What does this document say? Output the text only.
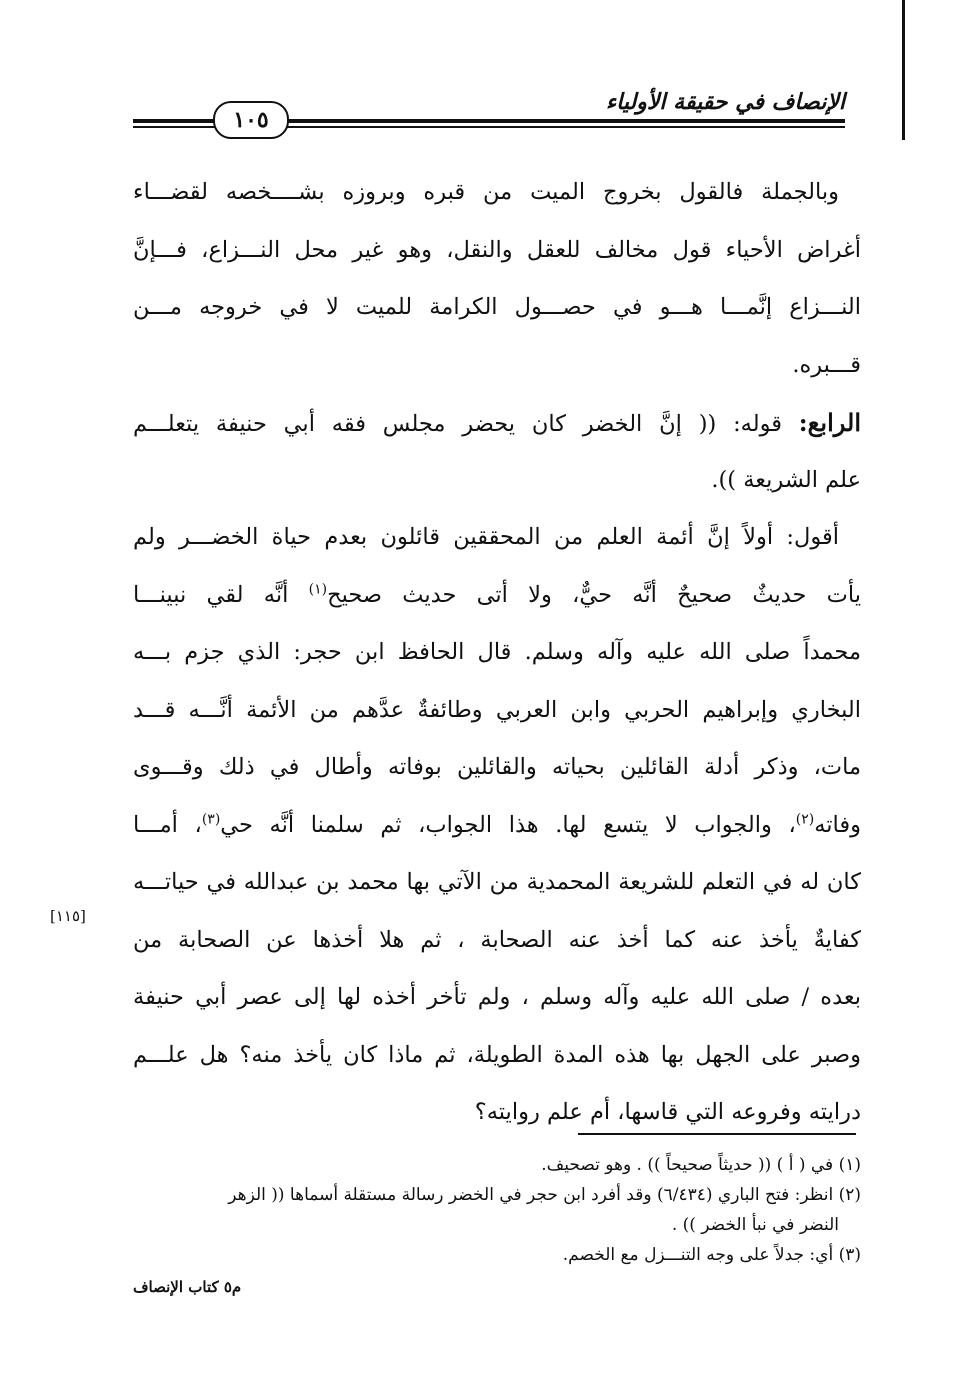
الإنصاف في حقيقة الأولياء
١٠٥
وبالجملة فالقول بخروج الميت من قبره وبروزه بشــــخصه لقضـــاء
أغراض الأحياء قول مخالف للعقل والنقل، وهو غير محل النـــزاع، فـــإنَّ
النـــزاع إنَّمـــا هـــو في حصـــول الكرامة للميت لا في خروجه مـــن
قـــبره.
الرابع: قوله: (( إنَّ الخضر كان يحضر مجلس فقه أبي حنيفة يتعلـــم
علم الشريعة )).
أقول: أولاً إنَّ أئمة العلم من المحققين قائلون بعدم حياة الخضـــر ولم
يأت حديثٌ صحيحٌ أنَّه حيٌّ، ولا أتى حديث صحيح$^{(١)}$ أنَّه لقي نبينـــا
محمداً صلى الله عليه وآله وسلم. قال الحافظ ابن حجر: الذي جزم بـــه
البخاري وإبراهيم الحربي وابن العربي وطائفةٌ عدَّهم من الأئمة أنَّـــه قـــد
مات، وذكر أدلة القائلين بحياته والقائلين بوفاته وأطال في ذلك وقـــوى
وفاته$^{(٢)}$، والجواب لا يتسع لها. هذا الجواب، ثم سلمنا أنَّه حي$^{(٣)}$، أمـــا
كان له في التعلم للشريعة المحمدية من الآتي بها محمد بن عبدالله في حياتـــه
كفايةٌ يأخذ عنه كما أخذ عنه الصحابة ، ثم هلا أخذها عن الصحابة من
بعده / صلى الله عليه وآله وسلم ، ولم تأخر أخذه لها إلى عصر أبي حنيفة
وصبر على الجهل بها هذه المدة الطويلة، ثم ماذا كان يأخذ منه؟ هل علـــم
درايته وفروعه التي قاسها، أم علم روايته؟
[١١٥]
(١) في ( أ ) (( حديثاً صحيحاً )) . وهو تصحيف.
(٢) انظر: فتح الباري (٦/٤٣٤) وقد أفرد ابن حجر في الخضر رسالة مستقلة أسماها (( الزهر
النضر في نبأ الخضر )) .
(٣) أي: جدلاً على وجه التنـــزل مع الخصم.
م٥ كتاب الإنصاف
